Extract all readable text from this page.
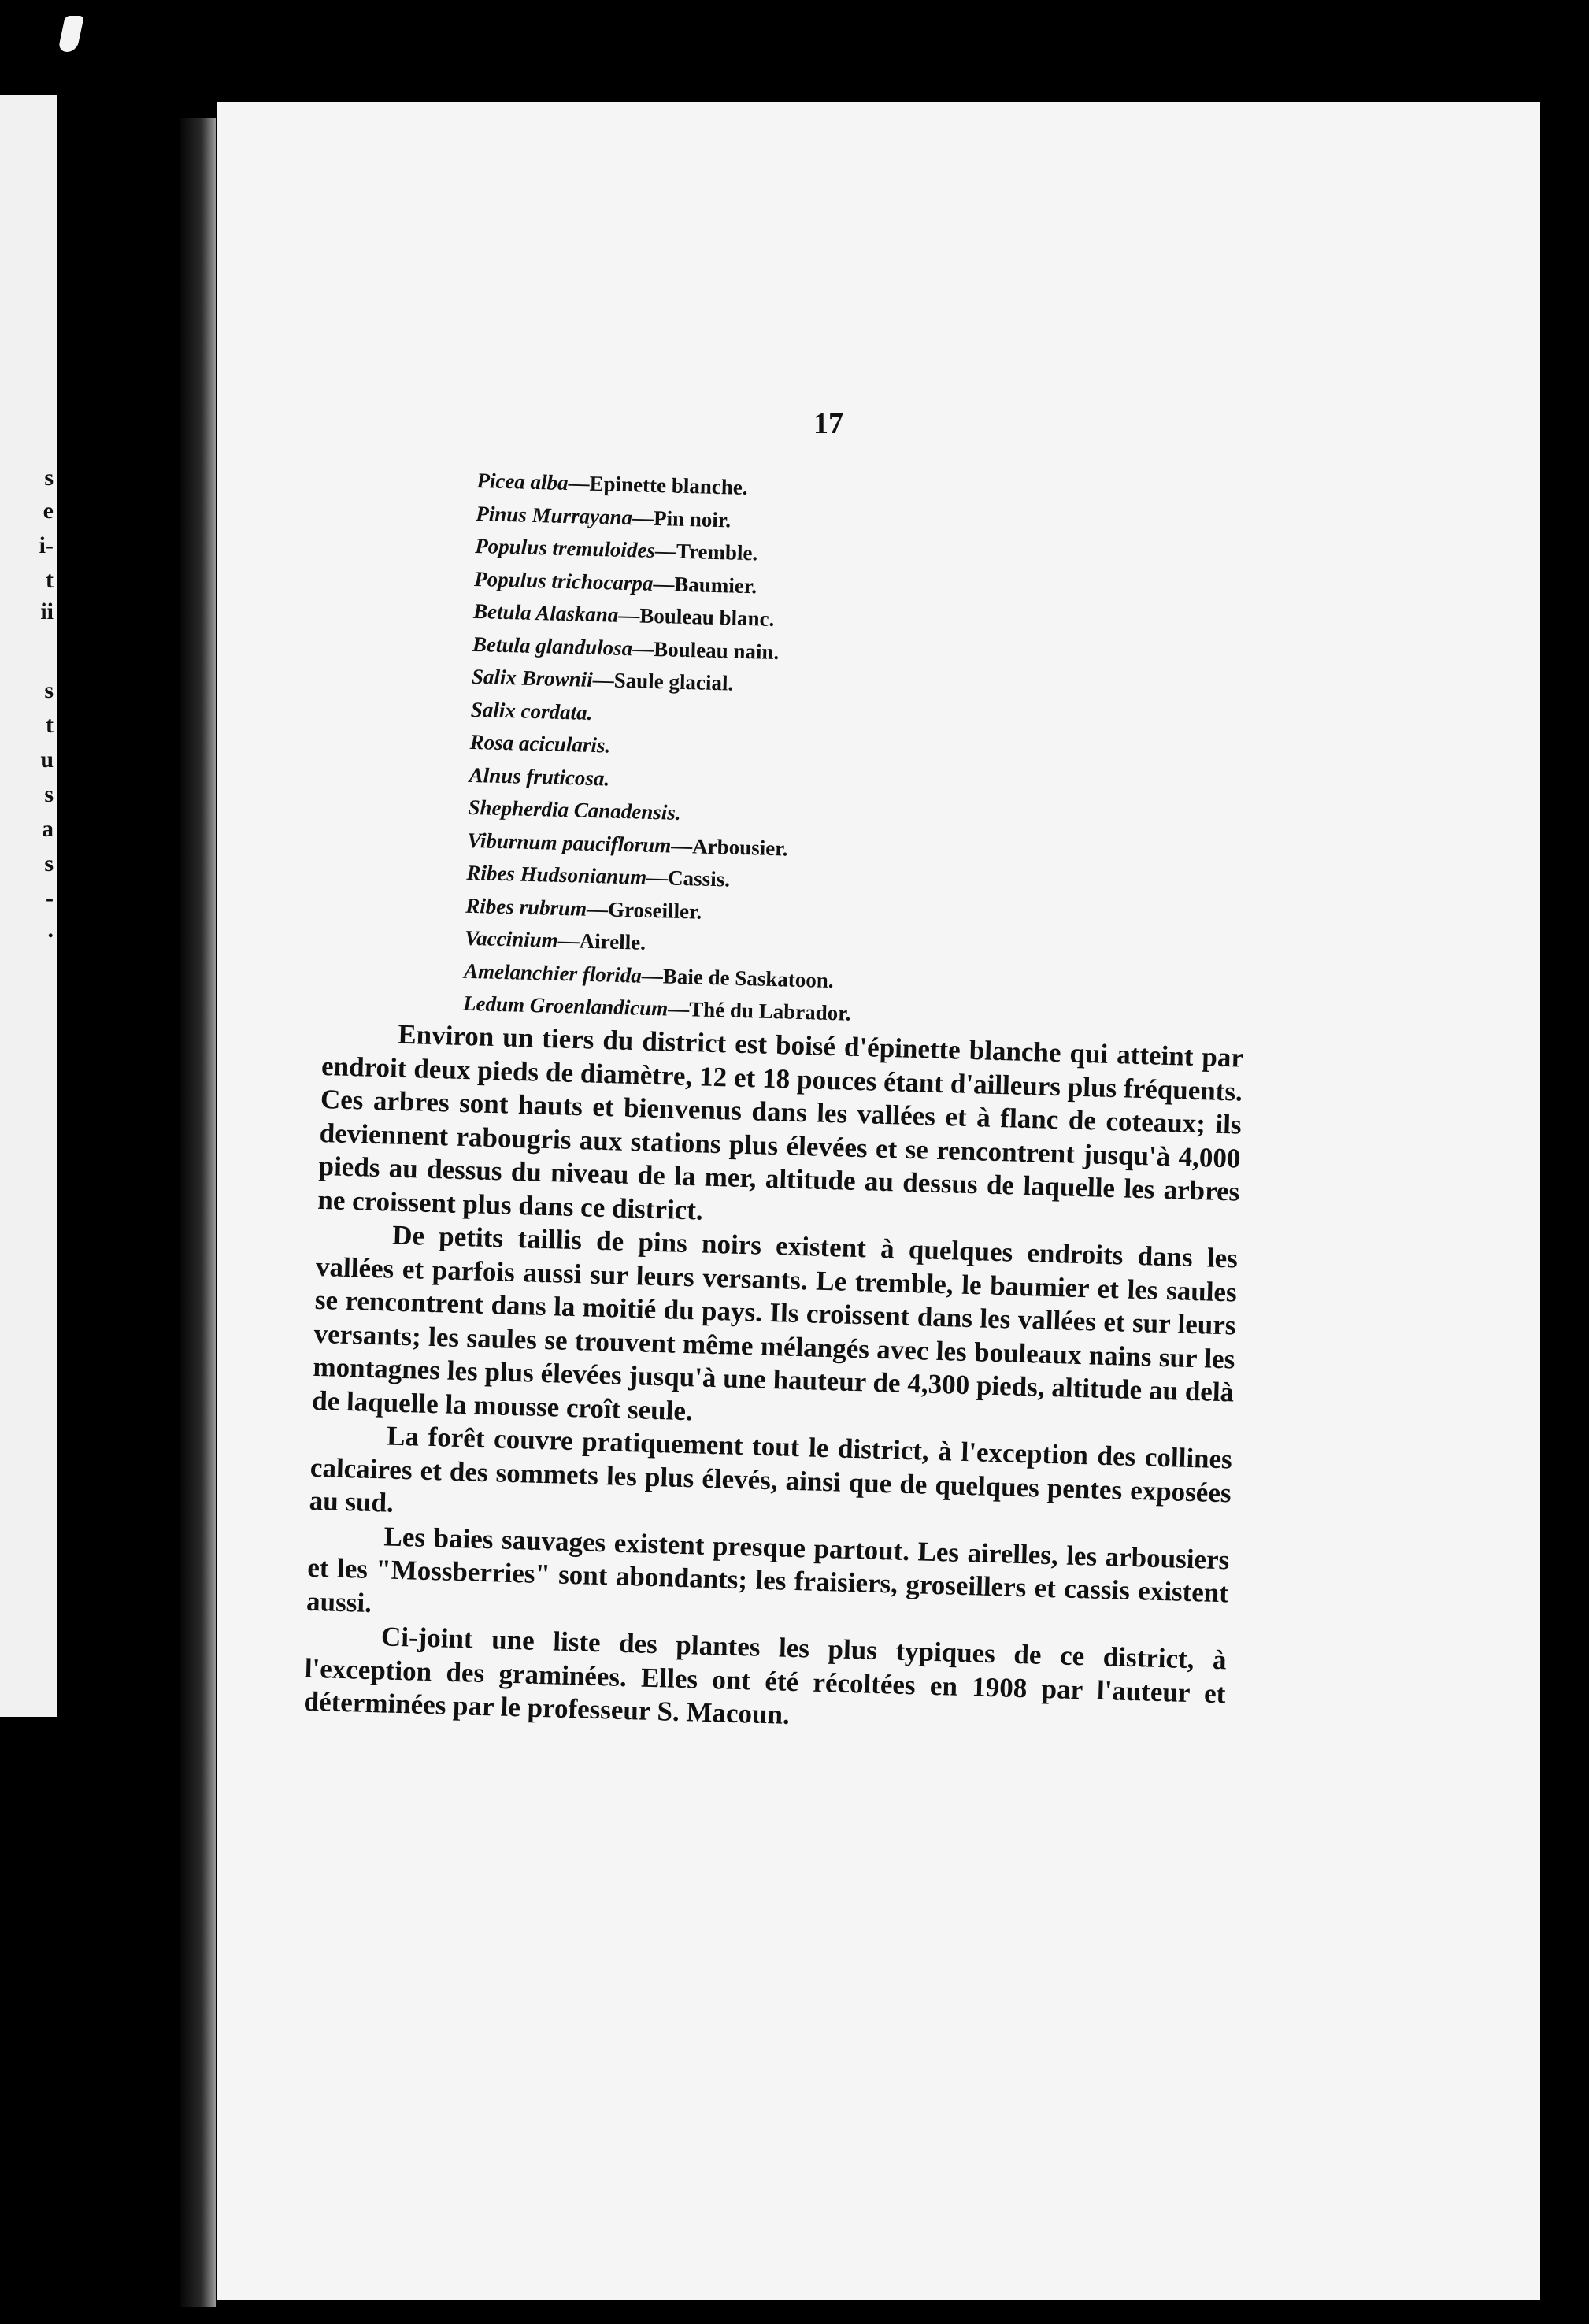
s
e
i-
t
ii
s
t
u
s
a
s
-
.
17
Picea alba—Epinette blanche.
Pinus Murrayana—Pin noir.
Populus tremuloides—Tremble.
Populus trichocarpa—Baumier.
Betula Alaskana—Bouleau blanc.
Betula glandulosa—Bouleau nain.
Salix Brownii—Saule glacial.
Salix cordata.
Rosa acicularis.
Alnus fruticosa.
Shepherdia Canadensis.
Viburnum pauciflorum—Arbousier.
Ribes Hudsonianum—Cassis.
Ribes rubrum—Groseiller.
Vaccinium—Airelle.
Amelanchier florida—Baie de Saskatoon.
Ledum Groenlandicum—Thé du Labrador.

Environ un tiers du district est boisé d'épinette blanche qui atteint par endroit deux pieds de diamètre, 12 et 18 pouces étant d'ailleurs plus fréquents. Ces arbres sont hauts et bienvenus dans les vallées et à flanc de coteaux; ils deviennent rabougris aux stations plus élevées et se rencontrent jusqu'à 4,000 pieds au dessus du niveau de la mer, altitude au dessus de laquelle les arbres ne croissent plus dans ce district.

De petits taillis de pins noirs existent à quelques endroits dans les vallées et parfois aussi sur leurs versants. Le tremble, le baumier et les saules se rencontrent dans la moitié du pays. Ils croissent dans les vallées et sur leurs versants; les saules se trouvent même mélangés avec les bouleaux nains sur les montagnes les plus élevées jusqu'à une hauteur de 4,300 pieds, altitude au delà de laquelle la mousse croît seule.

La forêt couvre pratiquement tout le district, à l'exception des collines calcaires et des sommets les plus élevés, ainsi que de quelques pentes exposées au sud.

Les baies sauvages existent presque partout. Les airelles, les arbousiers et les "Mossberries" sont abondants; les fraisiers, groseillers et cassis existent aussi.

Ci-joint une liste des plantes les plus typiques de ce district, à l'exception des graminées. Elles ont été récoltées en 1908 par l'auteur et déterminées par le professeur S. Macoun.
